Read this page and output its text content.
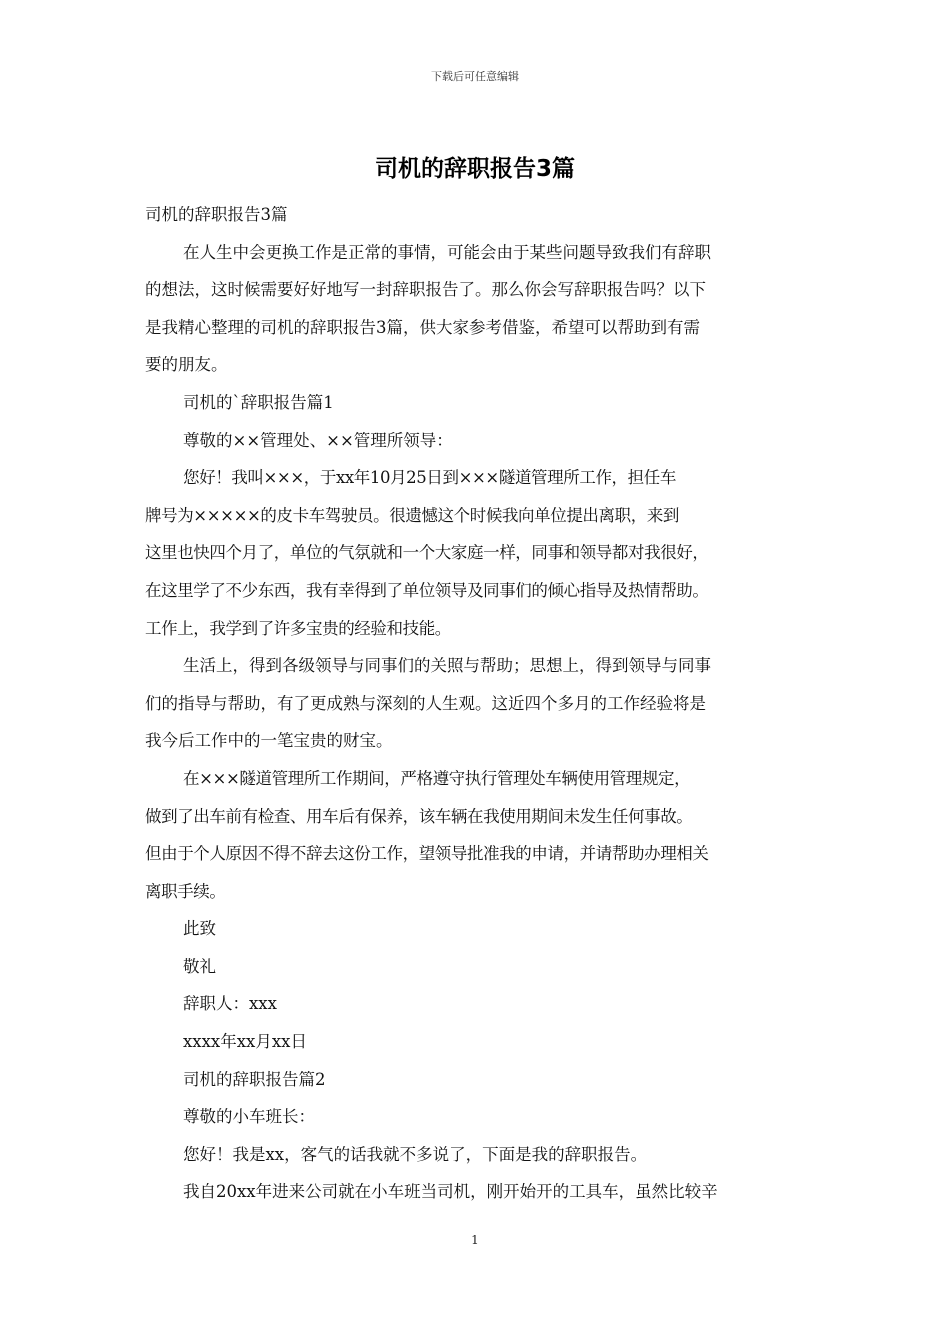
下载后可任意编辑
司机的辞职报告3篇

司机的辞职报告3篇

在人生中会更换工作是正常的事情，可能会由于某些问题导致我们有辞职
的想法，这时候需要好好地写一封辞职报告了。那么你会写辞职报告吗？以下
是我精心整理的司机的辞职报告3篇，供大家参考借鉴，希望可以帮助到有需
要的朋友。

司机的`辞职报告篇1

尊敬的××管理处、××管理所领导：

您好！我叫×××，于xx年10月25日到×××隧道管理所工作，担任车
牌号为×××××的皮卡车驾驶员。很遗憾这个时候我向单位提出离职，来到
这里也快四个月了，单位的气氛就和一个大家庭一样，同事和领导都对我很好，
在这里学了不少东西，我有幸得到了单位领导及同事们的倾心指导及热情帮助。
工作上，我学到了许多宝贵的经验和技能。

生活上，得到各级领导与同事们的关照与帮助；思想上，得到领导与同事
们的指导与帮助，有了更成熟与深刻的人生观。这近四个多月的工作经验将是
我今后工作中的一笔宝贵的财宝。

在×××隧道管理所工作期间，严格遵守执行管理处车辆使用管理规定，
做到了出车前有检查、用车后有保养，该车辆在我使用期间未发生任何事故。
但由于个人原因不得不辞去这份工作，望领导批准我的申请，并请帮助办理相关
离职手续。

此致

敬礼

辞职人：xxx

xxxx年xx月xx日

司机的辞职报告篇2

尊敬的小车班长：

您好！我是xx，客气的话我就不多说了，下面是我的辞职报告。

我自20xx年进来公司就在小车班当司机，刚开始开的工具车，虽然比较辛

1
